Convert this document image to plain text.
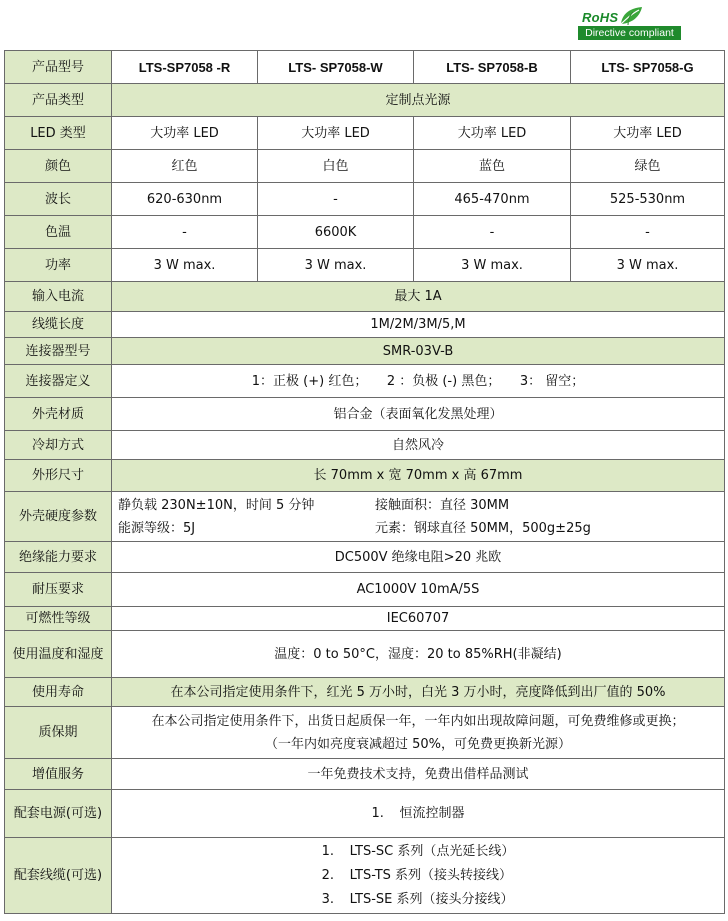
RoHS
Directive compliant
产品型号	LTS-SP7058 -R	LTS- SP7058-W	LTS- SP7058-B	LTS- SP7058-G
产品类型	定制点光源			
LED 类型	大功率 LED	大功率 LED	大功率 LED	大功率 LED
颜色	红色	白色	蓝色	绿色
波长	620-630nm	-	465-470nm	525-530nm
色温	-	6600K	-	-
功率	3 W max.	3 W max.	3 W max.	3 W max.
输入电流	最大 1A			
线缆长度	1M/2M/3M/5,M			
连接器型号	SMR-03V-B			
连接器定义	1：正极 (+) 红色；　　2 ：负极 (-) 黑色；　　3： 留空；			
外壳材质	铝合金（表面氧化发黑处理）			
冷却方式	自然风冷			
外形尺寸	长 70mm x 宽 70mm x 高 67mm			
外壳硬度参数	静负载 230N±10N，时间 5 分钟 接触面积：直径 30MM
能源等级：5J 元素：钢球直径 50MM，500g±25g			

绝缘能力要求	DC500V 绝缘电阻>20 兆欧			
耐压要求	AC1000V 10mA/5S			
可燃性等级	IEC60707			
使用温度和湿度	温度：0 to 50°C，湿度：20 to 85%RH(非凝结)			
使用寿命	在本公司指定使用条件下，红光 5 万小时，白光 3 万小时，亮度降低到出厂值的 50%			
质保期	在本公司指定使用条件下，出货日起质保一年，一年内如出现故障问题，可免费维修或更换；
（一年内如亮度衰减超过 50%，可免费更换新光源）			

增值服务	一年免费技术支持，免费出借样品测试			
配套电源(可选)	1. 恒流控制器			

配套线缆(可选)	1. LTS-SC 系列（点光延长线）
2. LTS-TS 系列（接头转接线）
3. LTS-SE 系列（接头分接线）			
